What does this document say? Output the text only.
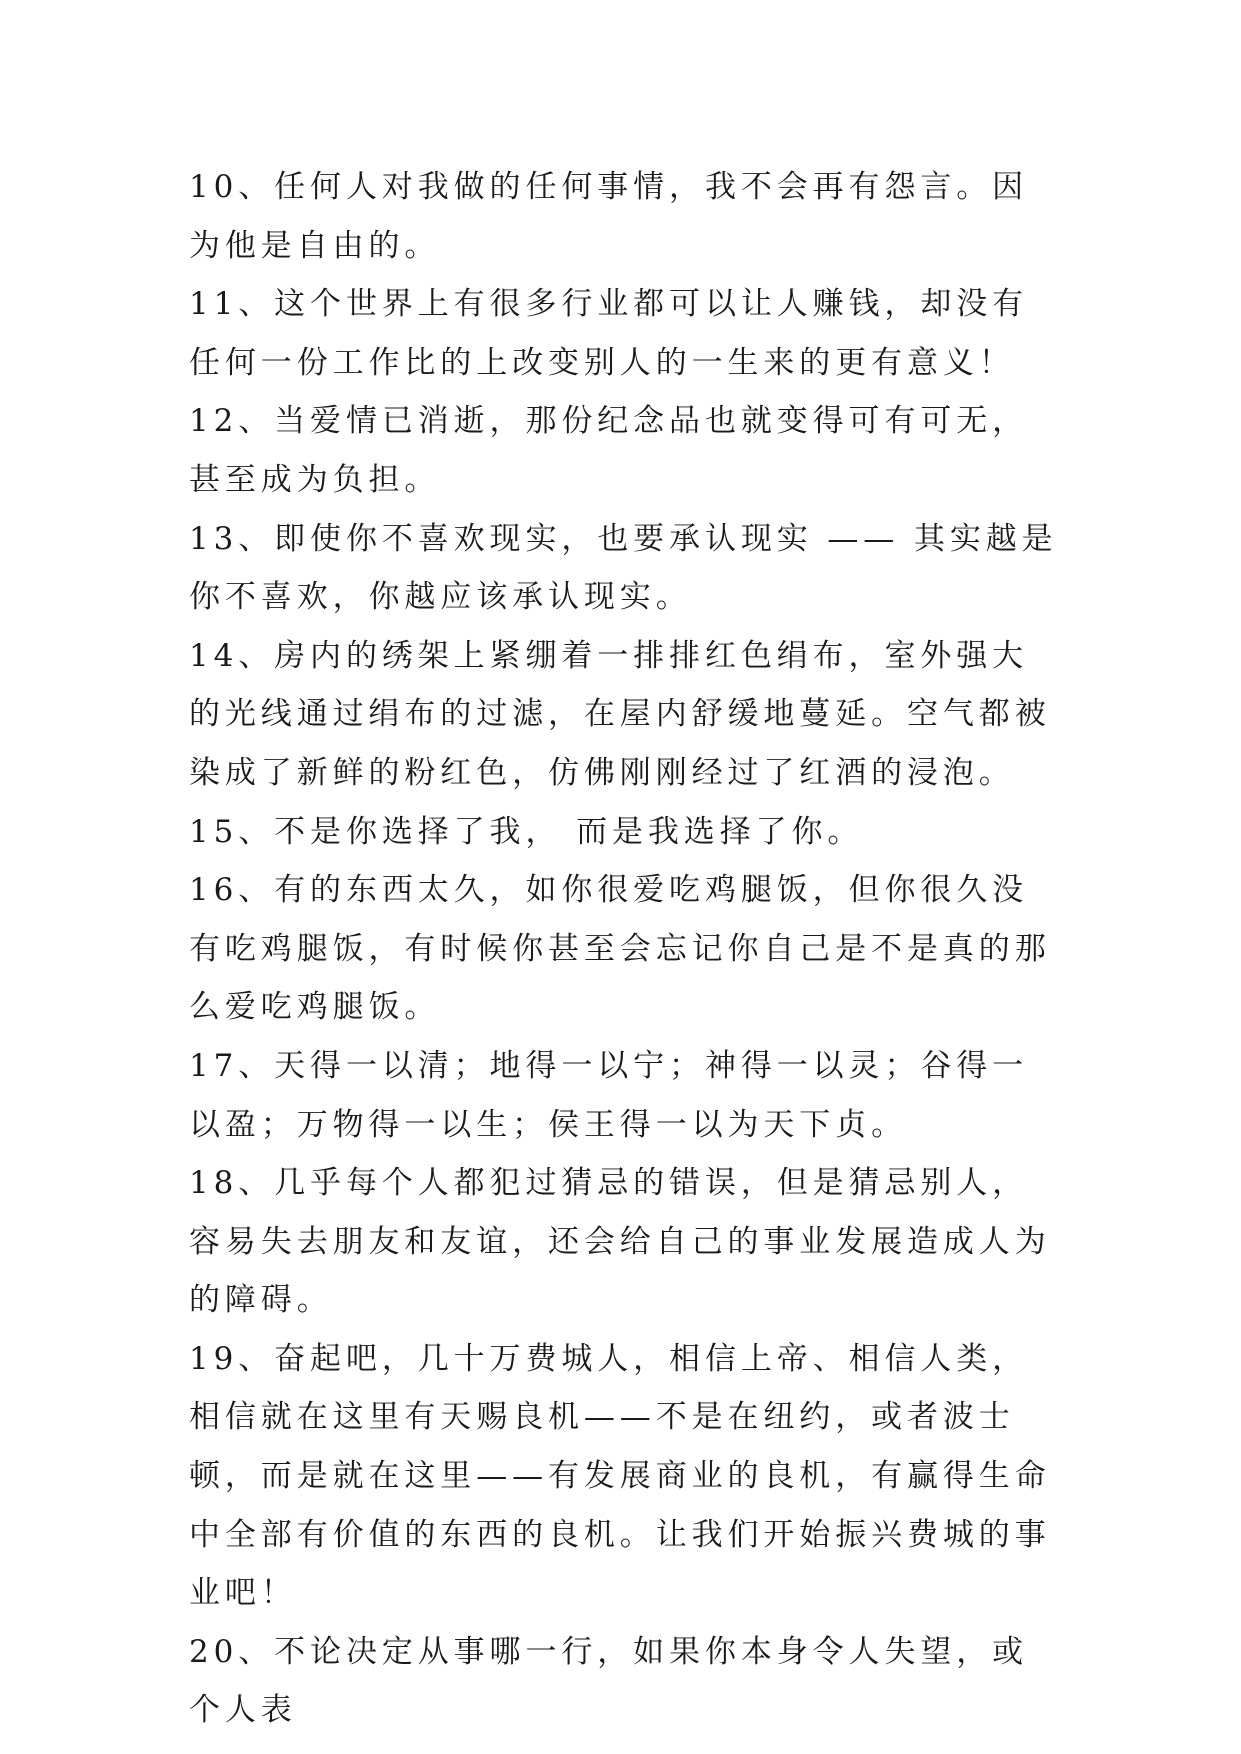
10、任何人对我做的任何事情，我不会再有怨言。因为他是自由的。

11、这个世界上有很多行业都可以让人赚钱，却没有任何一份工作比的上改变别人的一生来的更有意义！

12、当爱情已消逝，那份纪念品也就变得可有可无，甚至成为负担。

13、即使你不喜欢现实，也要承认现实 —— 其实越是你不喜欢，你越应该承认现实。

14、房内的绣架上紧绷着一排排红色绢布，室外强大的光线通过绢布的过滤，在屋内舒缓地蔓延。空气都被染成了新鲜的粉红色，仿佛刚刚经过了红酒的浸泡。

15、不是你选择了我， 而是我选择了你。

16、有的东西太久，如你很爱吃鸡腿饭，但你很久没有吃鸡腿饭，有时候你甚至会忘记你自己是不是真的那么爱吃鸡腿饭。

17、天得一以清；地得一以宁；神得一以灵；谷得一以盈；万物得一以生；侯王得一以为天下贞。

18、几乎每个人都犯过猜忌的错误，但是猜忌别人，容易失去朋友和友谊，还会给自己的事业发展造成人为的障碍。

19、奋起吧，几十万费城人，相信上帝、相信人类，相信就在这里有天赐良机——不是在纽约，或者波士顿，而是就在这里——有发展商业的良机，有赢得生命中全部有价值的东西的良机。让我们开始振兴费城的事业吧！

20、不论决定从事哪一行，如果你本身令人失望，或个人表
